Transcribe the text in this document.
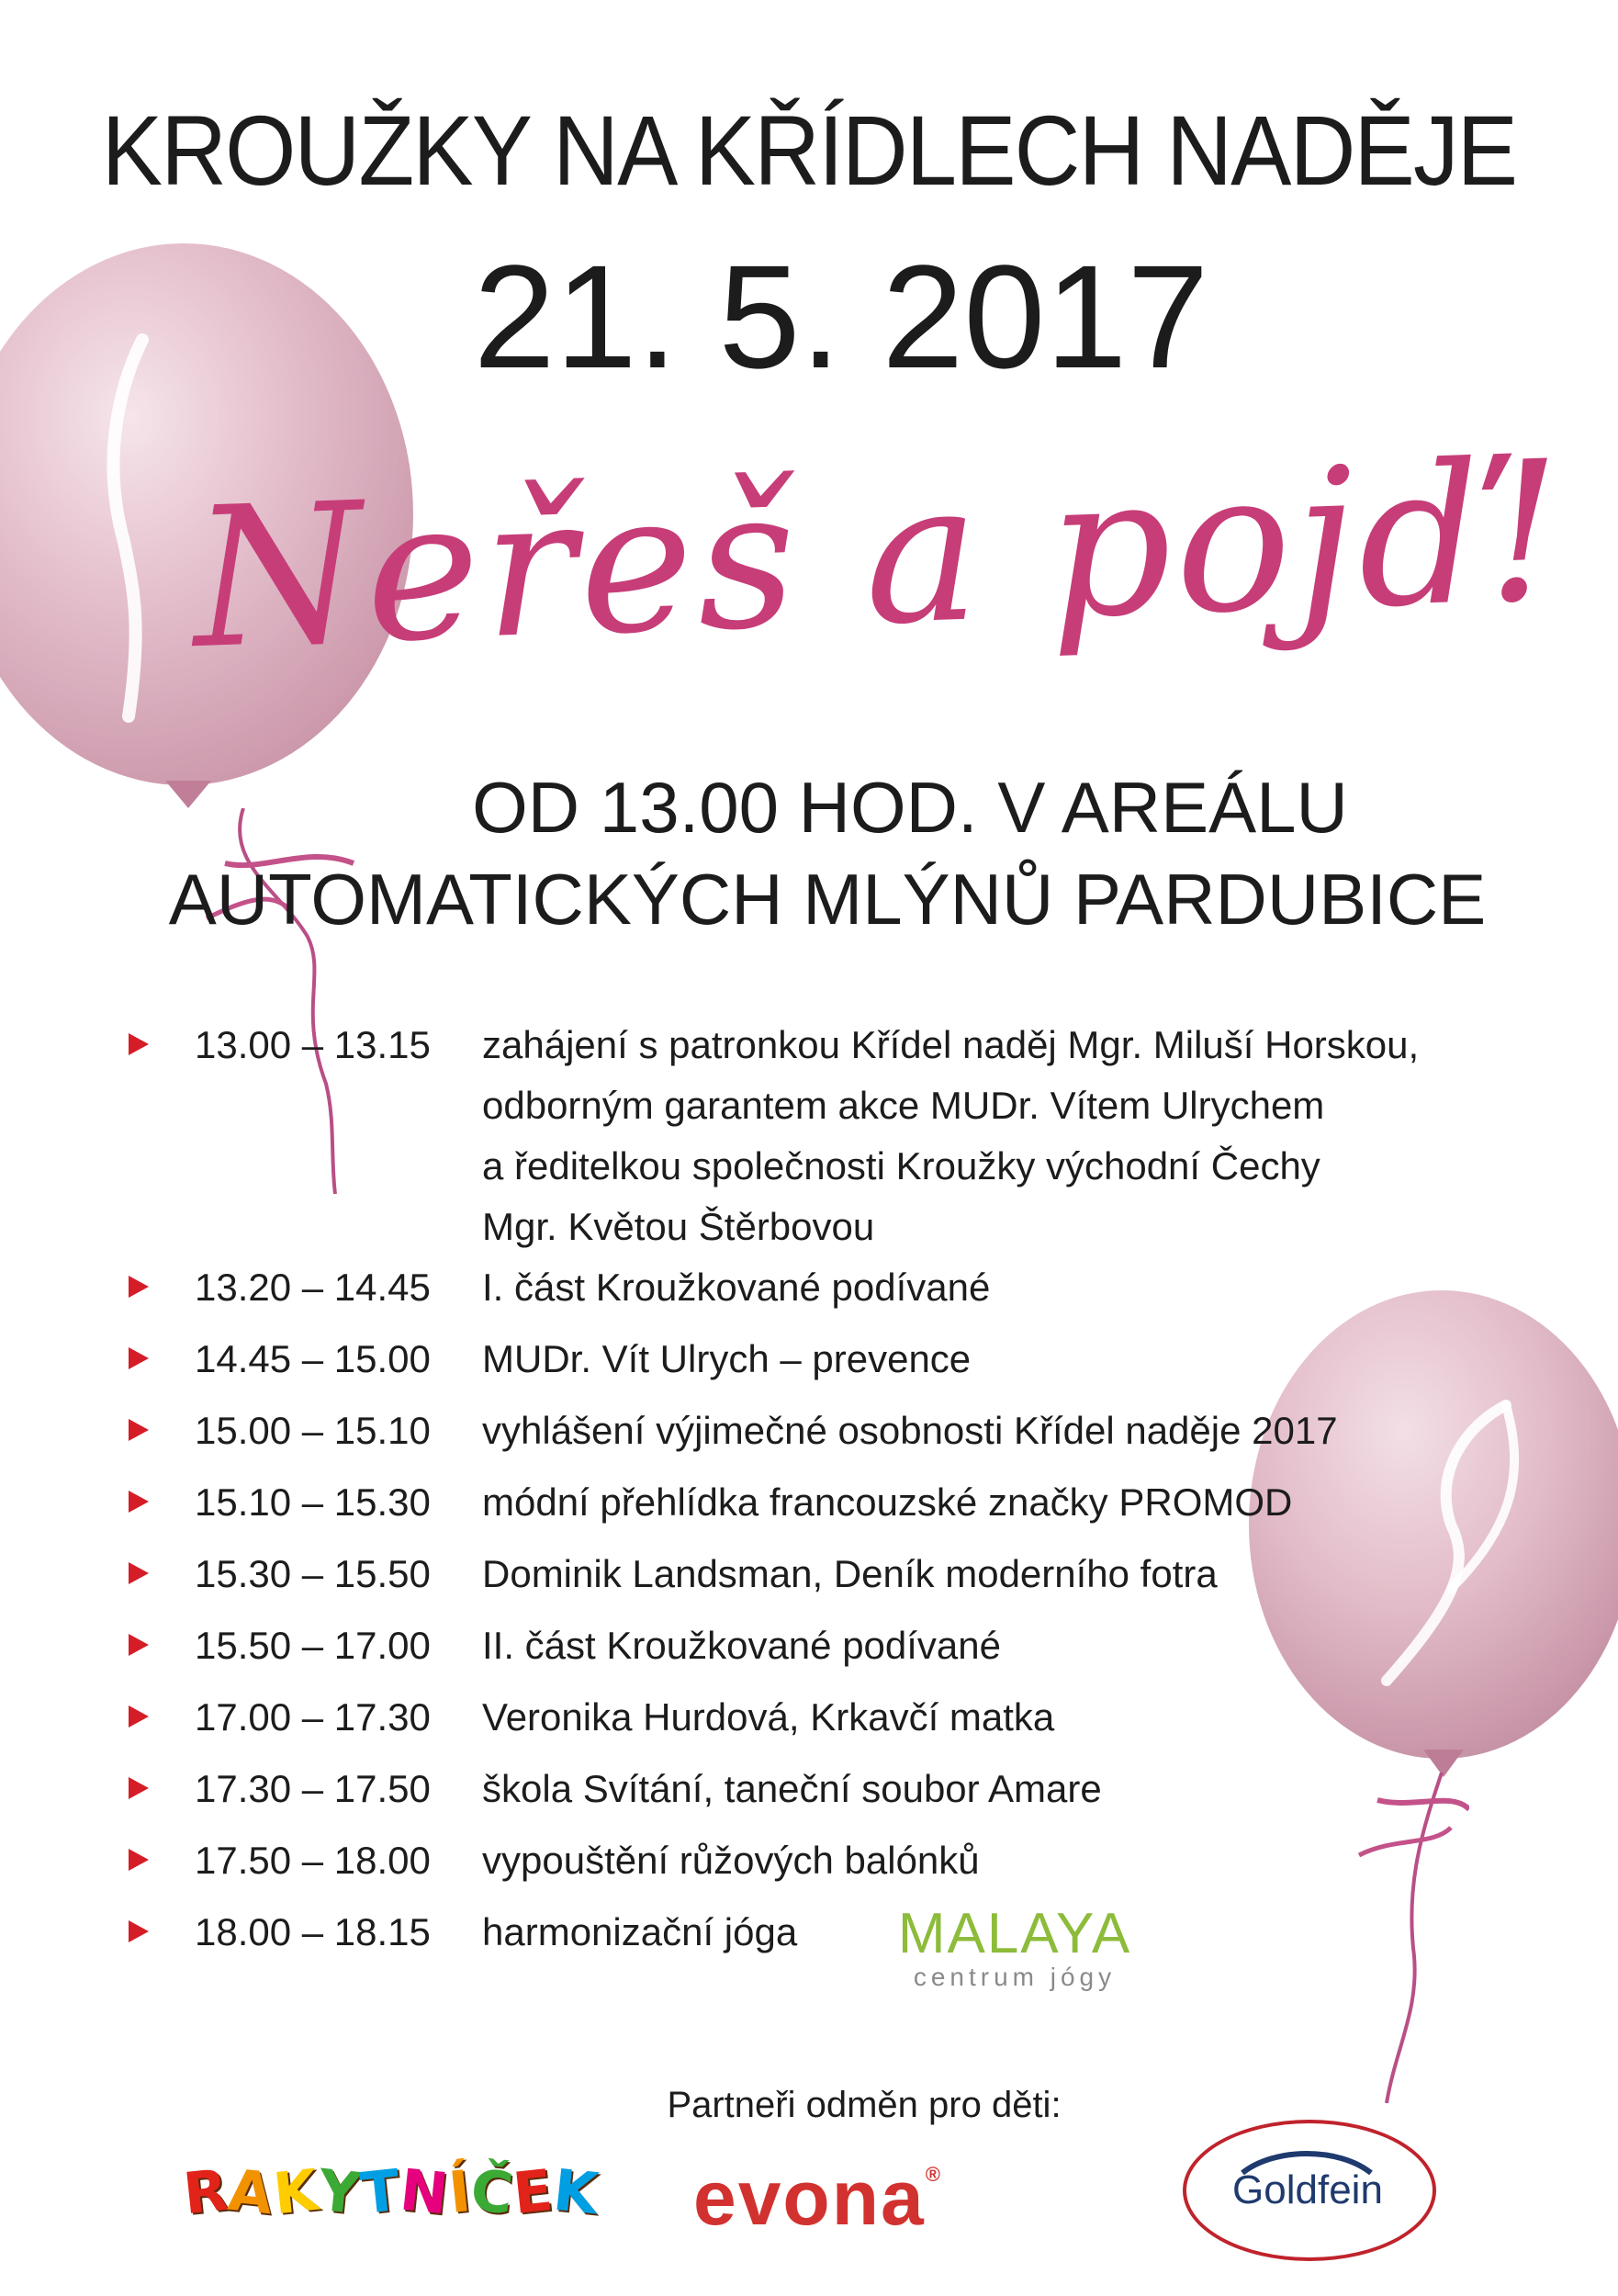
KROUŽKY NA KŘÍDLECH NADĚJE
21. 5. 2017
Neřeš a pojď!
OD 13.00 HOD. V AREÁLU
AUTOMATICKÝCH MLÝNŮ PARDUBICE
13.00 – 13.15 zahájení s patronkou Křídel naděj Mgr. Miluší Horskou,
odborným garantem akce MUDr. Vítem Ulrychem
a ředitelkou společnosti Kroužky východní Čechy
Mgr. Květou Štěrbovou
13.20 – 14.45 I. část Kroužkované podívané
14.45 – 15.00 MUDr. Vít Ulrych – prevence
15.00 – 15.10 vyhlášení výjimečné osobnosti Křídel naděje 2017
15.10 – 15.30 módní přehlídka francouzské značky PROMOD
15.30 – 15.50 Dominik Landsman, Deník moderního fotra
15.50 – 17.00 II. část Kroužkované podívané
17.00 – 17.30 Veronika Hurdová, Krkavčí matka
17.30 – 17.50 škola Svítání, taneční soubor Amare
17.50 – 18.00 vypouštění růžových balónků
18.00 – 18.15 harmonizační jóga	MALAYA
centrum jógy
Partneři odměn pro děti:
RAKYTNÍČEK evona®	Goldfein
